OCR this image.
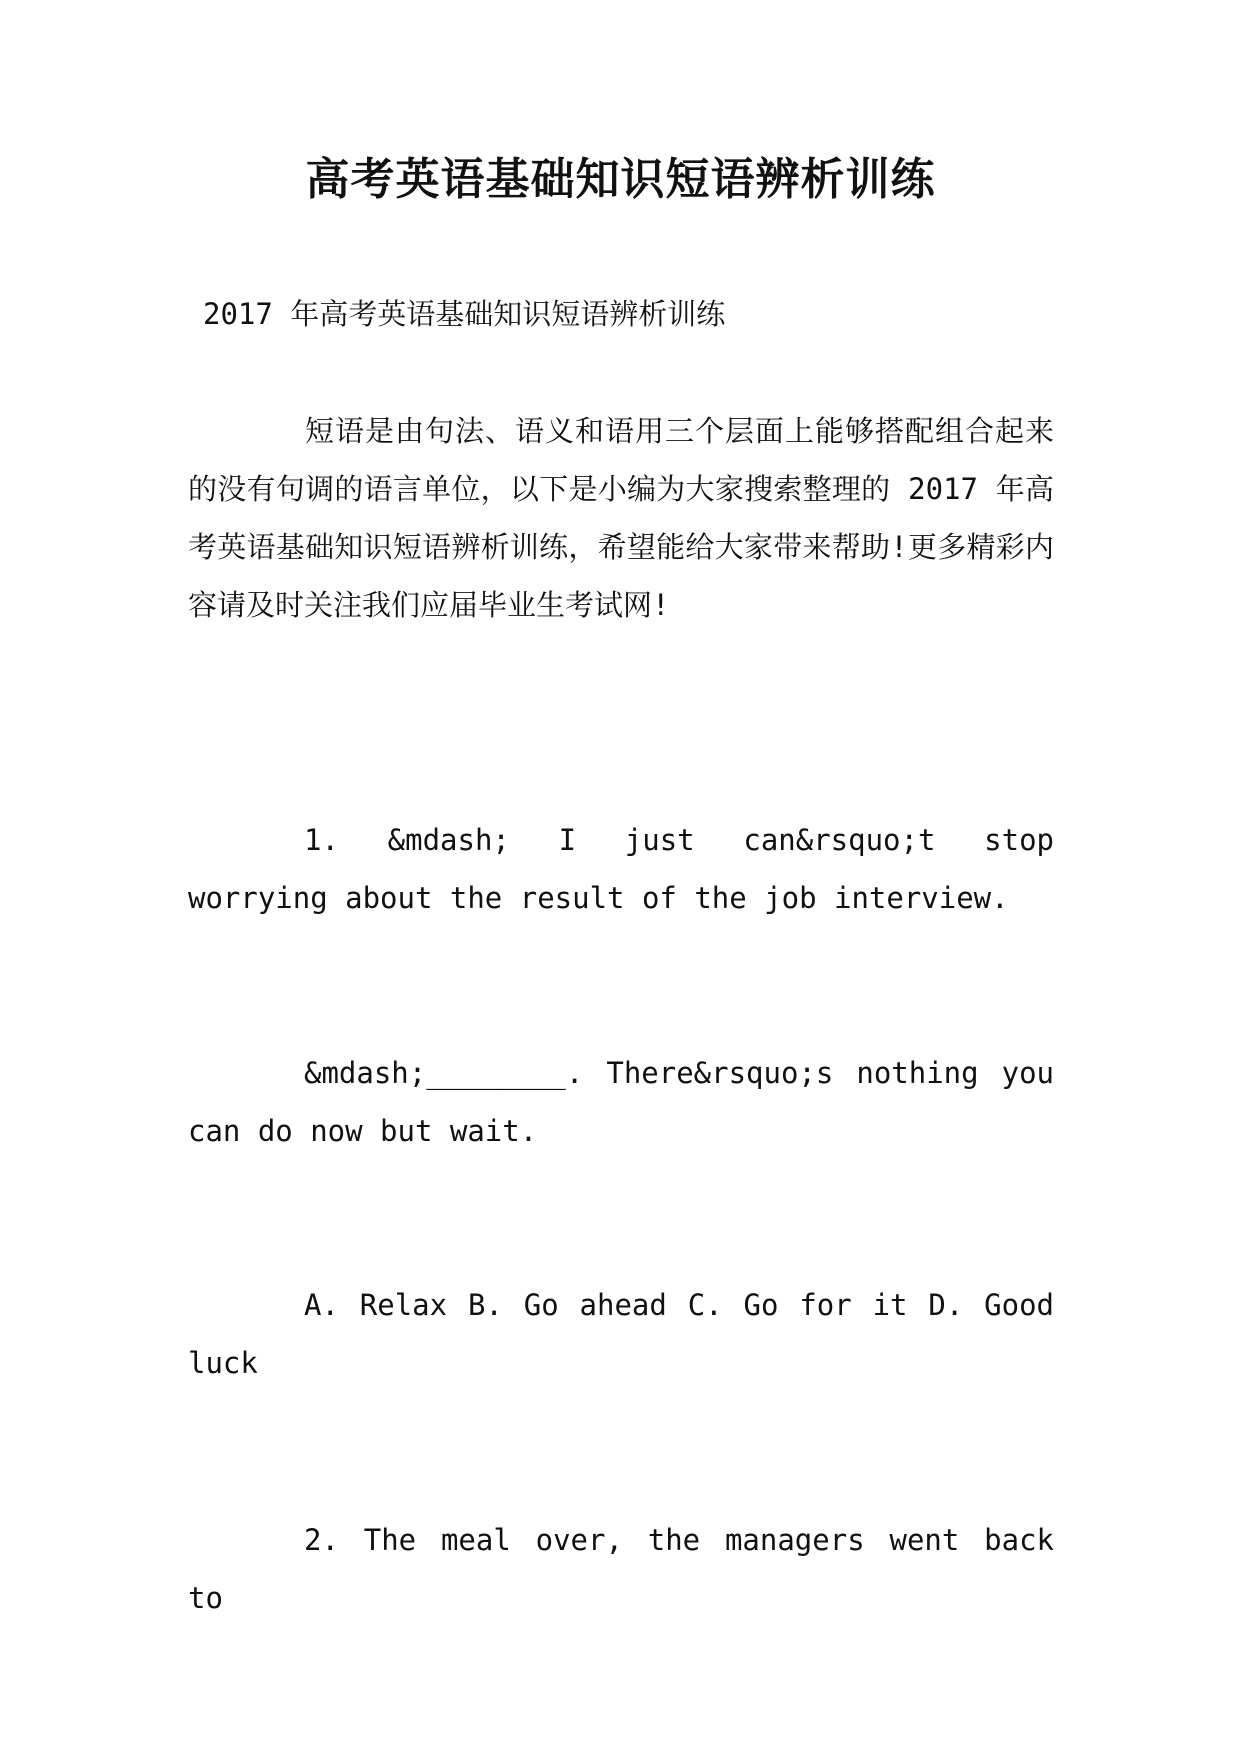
高考英语基础知识短语辨析训练
2017 年高考英语基础知识短语辨析训练
短语是由句法、语义和语用三个层面上能够搭配组合起来的没有句调的语言单位，以下是小编为大家搜索整理的 2017 年高考英语基础知识短语辨析训练，希望能给大家带来帮助!更多精彩内容请及时关注我们应届毕业生考试网!
1. &mdash; I just can&rsquo;t stop worrying about the result of the job interview.
&mdash;________. There&rsquo;s nothing you can do now but wait.
A. Relax B. Go ahead C. Go for it D. Good luck
2. The meal over, the managers went back to
